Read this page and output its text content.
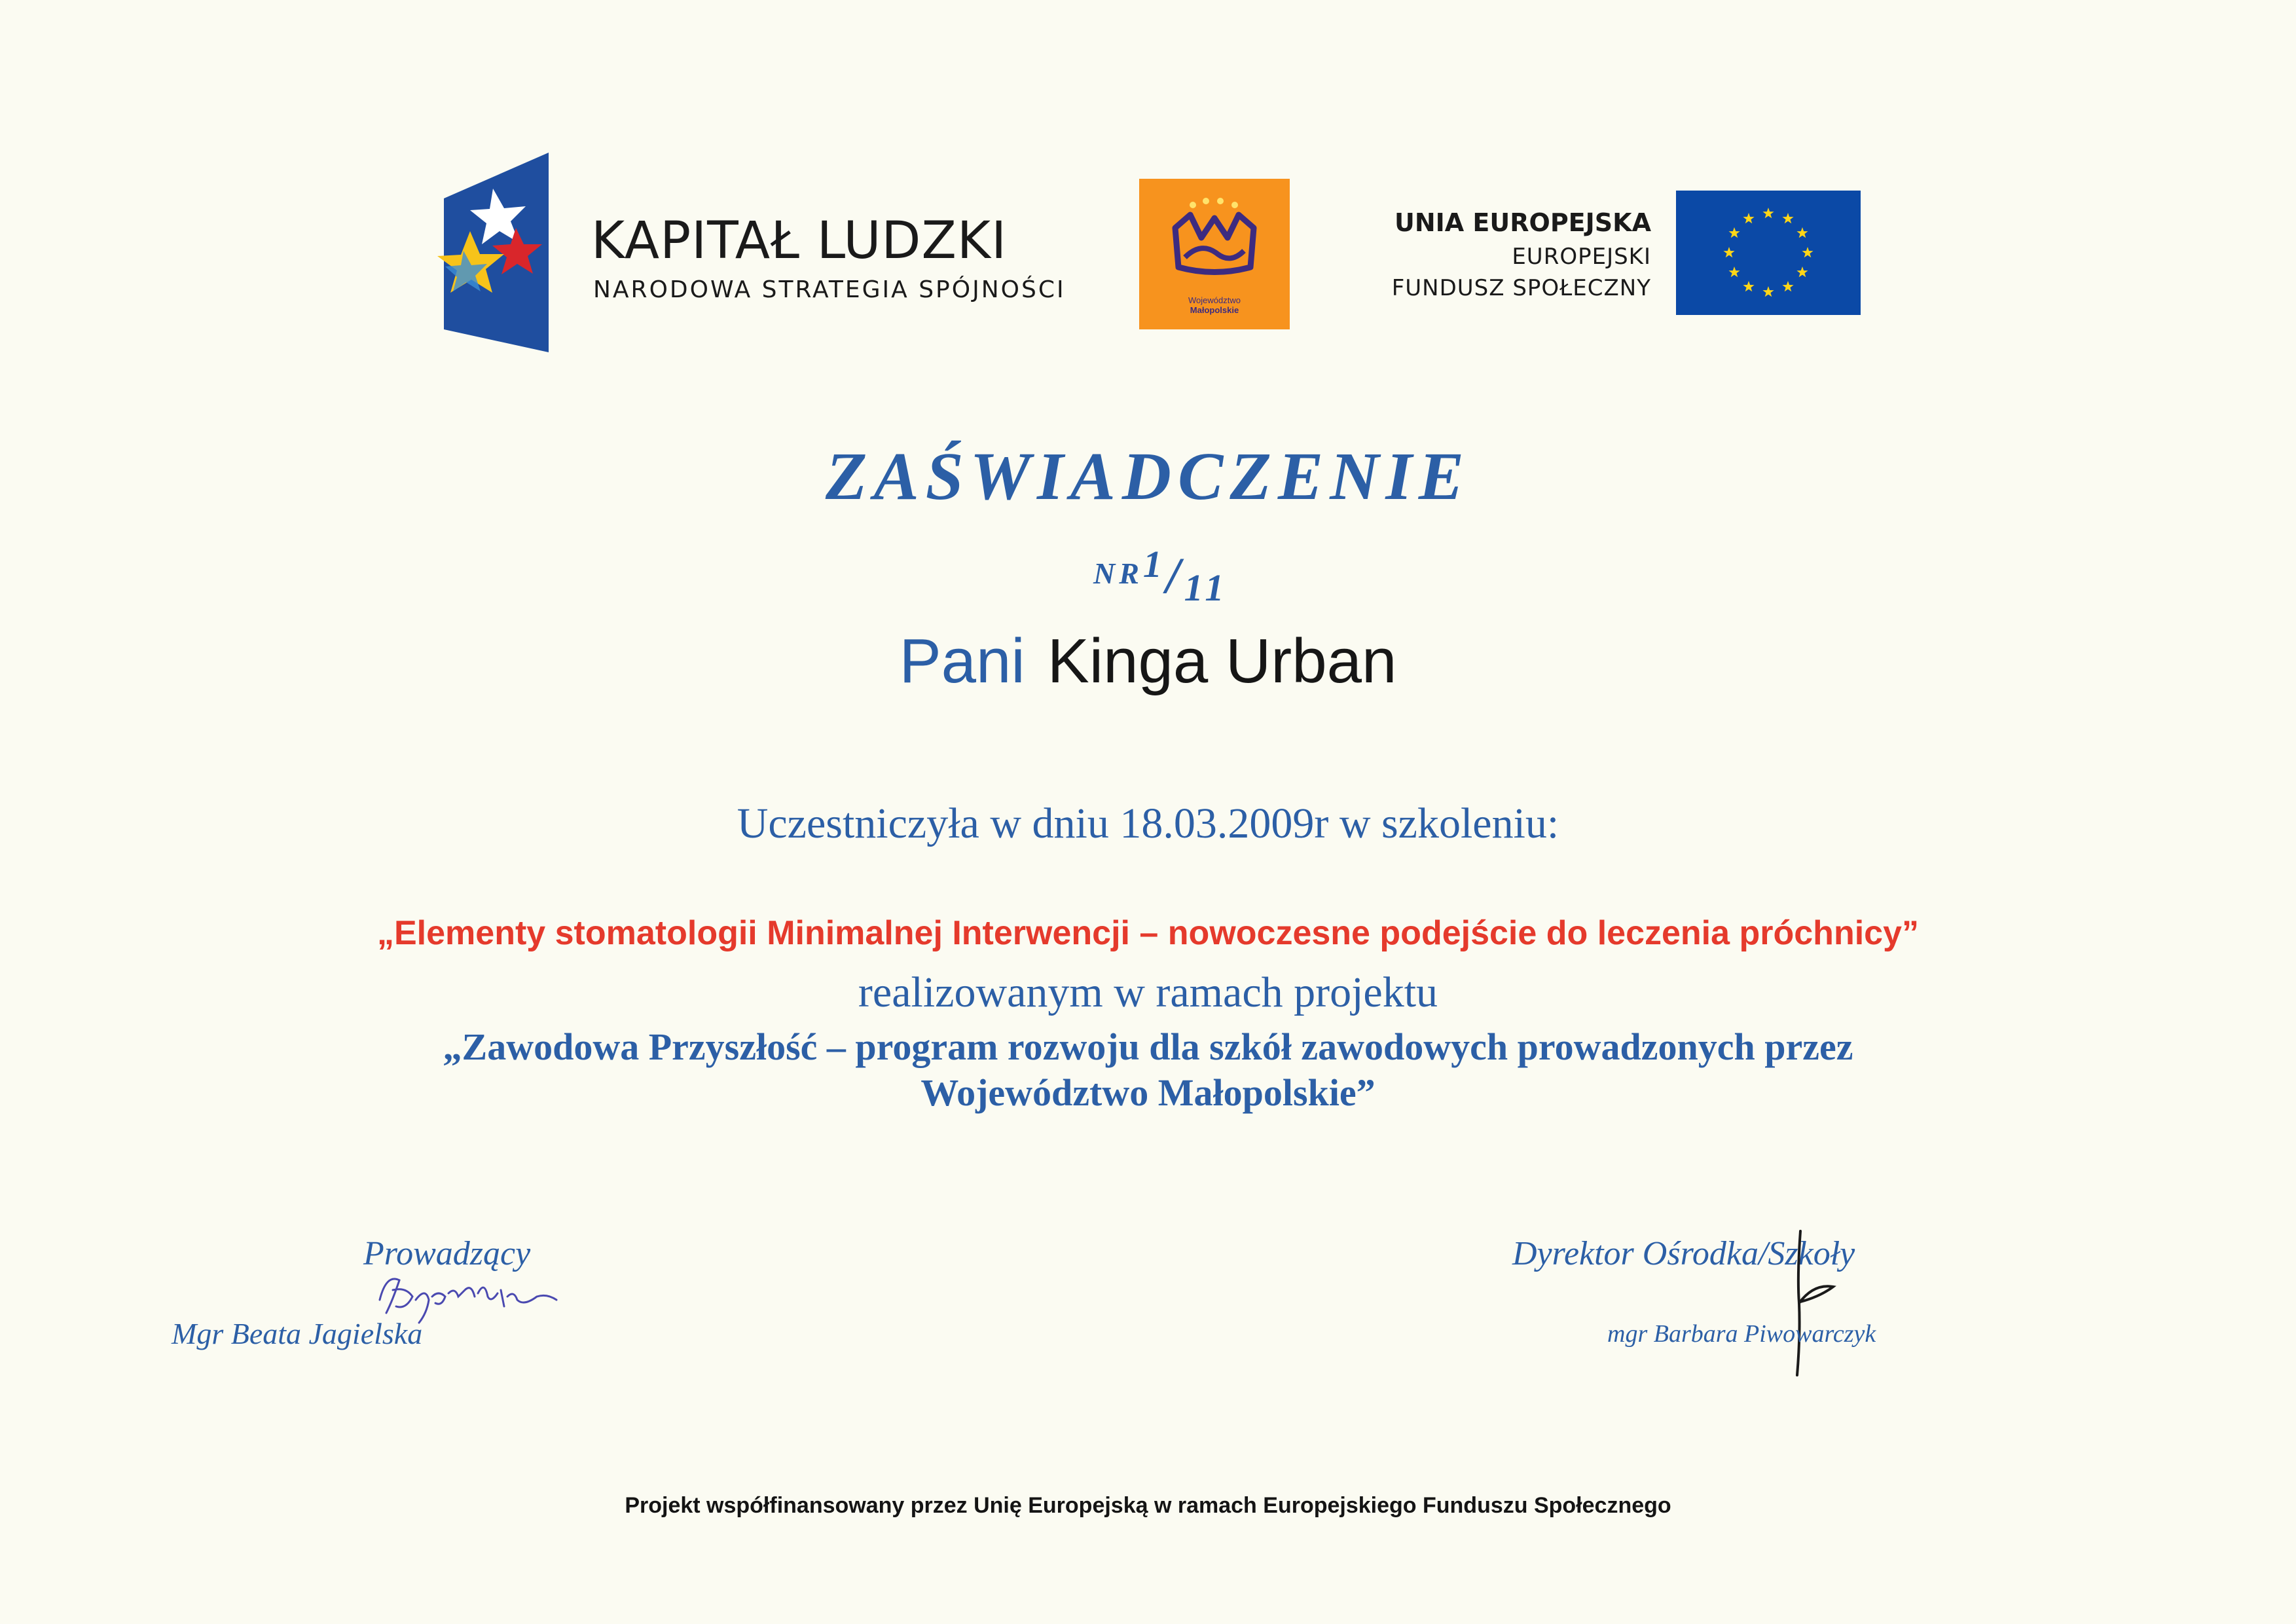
KAPITAŁ LUDZKI
NARODOWA STRATEGIA SPÓJNOŚCI	Województwo
Małopolskie
UNIA EUROPEJSKA
EUROPEJSKI
FUNDUSZ SPOŁECZNY
ZAŚWIADCZENIE
NR1/11
Pani Kinga Urban
Uczestniczyła w dniu 18.03.2009r w szkoleniu:
„Elementy stomatologii Minimalnej Interwencji – nowoczesne podejście do leczenia próchnicy”
realizowanym w ramach projektu
„Zawodowa Przyszłość – program rozwoju dla szkół zawodowych prowadzonych przez
Województwo Małopolskie”
Prowadzący
Mgr Beata Jagielska
Dyrektor Ośrodka/Szkoły
mgr Barbara Piwowarczyk
Projekt współfinansowany przez Unię Europejską w ramach Europejskiego Funduszu Społecznego
